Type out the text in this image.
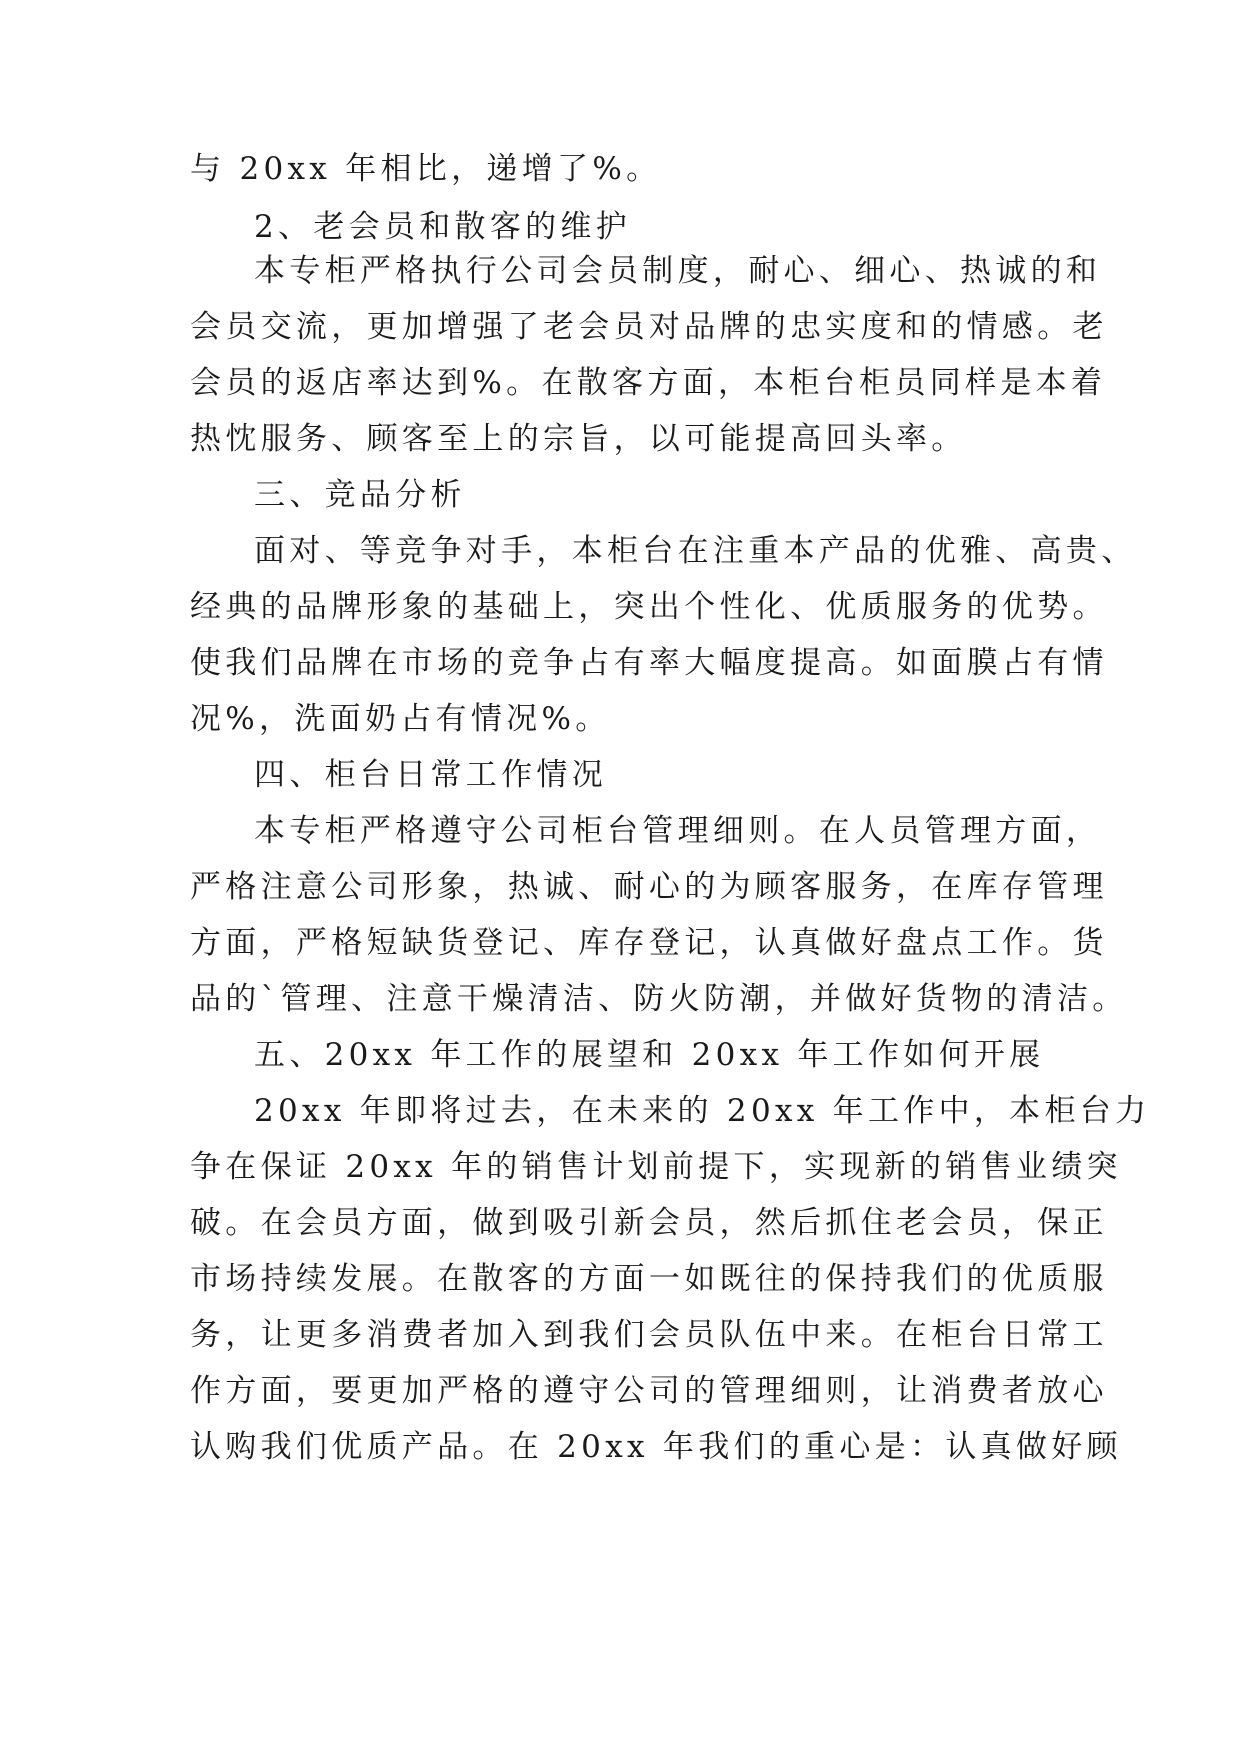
与 20xx 年相比，递增了%。

2、老会员和散客的维护

本专柜严格执行公司会员制度，耐心、细心、热诚的和

会员交流，更加增强了老会员对品牌的忠实度和的情感。老

会员的返店率达到%。在散客方面，本柜台柜员同样是本着

热忱服务、顾客至上的宗旨，以可能提高回头率。

三、竞品分析

面对、等竞争对手，本柜台在注重本产品的优雅、高贵、

经典的品牌形象的基础上，突出个性化、优质服务的优势。

使我们品牌在市场的竞争占有率大幅度提高。如面膜占有情

况%，洗面奶占有情况%。

四、柜台日常工作情况

本专柜严格遵守公司柜台管理细则。在人员管理方面，

严格注意公司形象，热诚、耐心的为顾客服务，在库存管理

方面，严格短缺货登记、库存登记，认真做好盘点工作。货

品的`管理、注意干燥清洁、防火防潮，并做好货物的清洁。

五、20xx 年工作的展望和 20xx 年工作如何开展

20xx 年即将过去，在未来的 20xx 年工作中，本柜台力

争在保证 20xx 年的销售计划前提下，实现新的销售业绩突

破。在会员方面，做到吸引新会员，然后抓住老会员，保正

市场持续发展。在散客的方面一如既往的保持我们的优质服

务，让更多消费者加入到我们会员队伍中来。在柜台日常工

作方面，要更加严格的遵守公司的管理细则，让消费者放心

认购我们优质产品。在 20xx 年我们的重心是：认真做好顾
